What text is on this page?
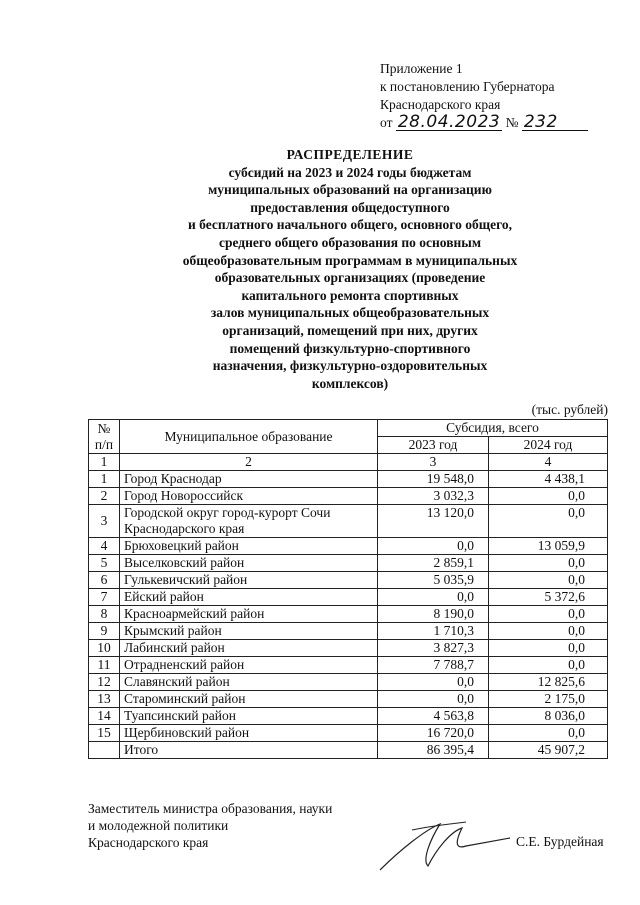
Приложение 1
к постановлению Губернатора
Краснодарского края
от 28.04.2023 № 232
РАСПРЕДЕЛЕНИЕ
субсидий на 2023 и 2024 годы бюджетам
муниципальных образований на организацию
предоставления общедоступного
и бесплатного начального общего, основного общего,
среднего общего образования по основным
общеобразовательным программам в муниципальных
образовательных организациях (проведение
капитального ремонта спортивных
залов муниципальных общеобразовательных
организаций, помещений при них, других
помещений физкультурно-спортивного
назначения, физкультурно-оздоровительных
комплексов)
(тыс. рублей)
№
п/п	Муниципальное образование	Субсидия, всего	
		2023 год	2024 год
1	2	3	4
1	Город Краснодар	19 548,0	4 438,1
2	Город Новороссийск	3 032,3	0,0
3	Городской округ город-курорт Сочи Краснодарского края	13 120,0	0,0
4	Брюховецкий район	0,0	13 059,9
5	Выселковский район	2 859,1	0,0
6	Гулькевичский район	5 035,9	0,0
7	Ейский район	0,0	5 372,6
8	Красноармейский район	8 190,0	0,0
9	Крымский район	1 710,3	0,0
10	Лабинский район	3 827,3	0,0
11	Отрадненский район	7 788,7	0,0
12	Славянский район	0,0	12 825,6
13	Староминский район	0,0	2 175,0
14	Туапсинский район	4 563,8	8 036,0
15	Щербиновский район	16 720,0	0,0
	Итого	86 395,4	45 907,2
Заместитель министра образования, науки
и молодежной политики
Краснодарского края	С.Е. Бурдейная
